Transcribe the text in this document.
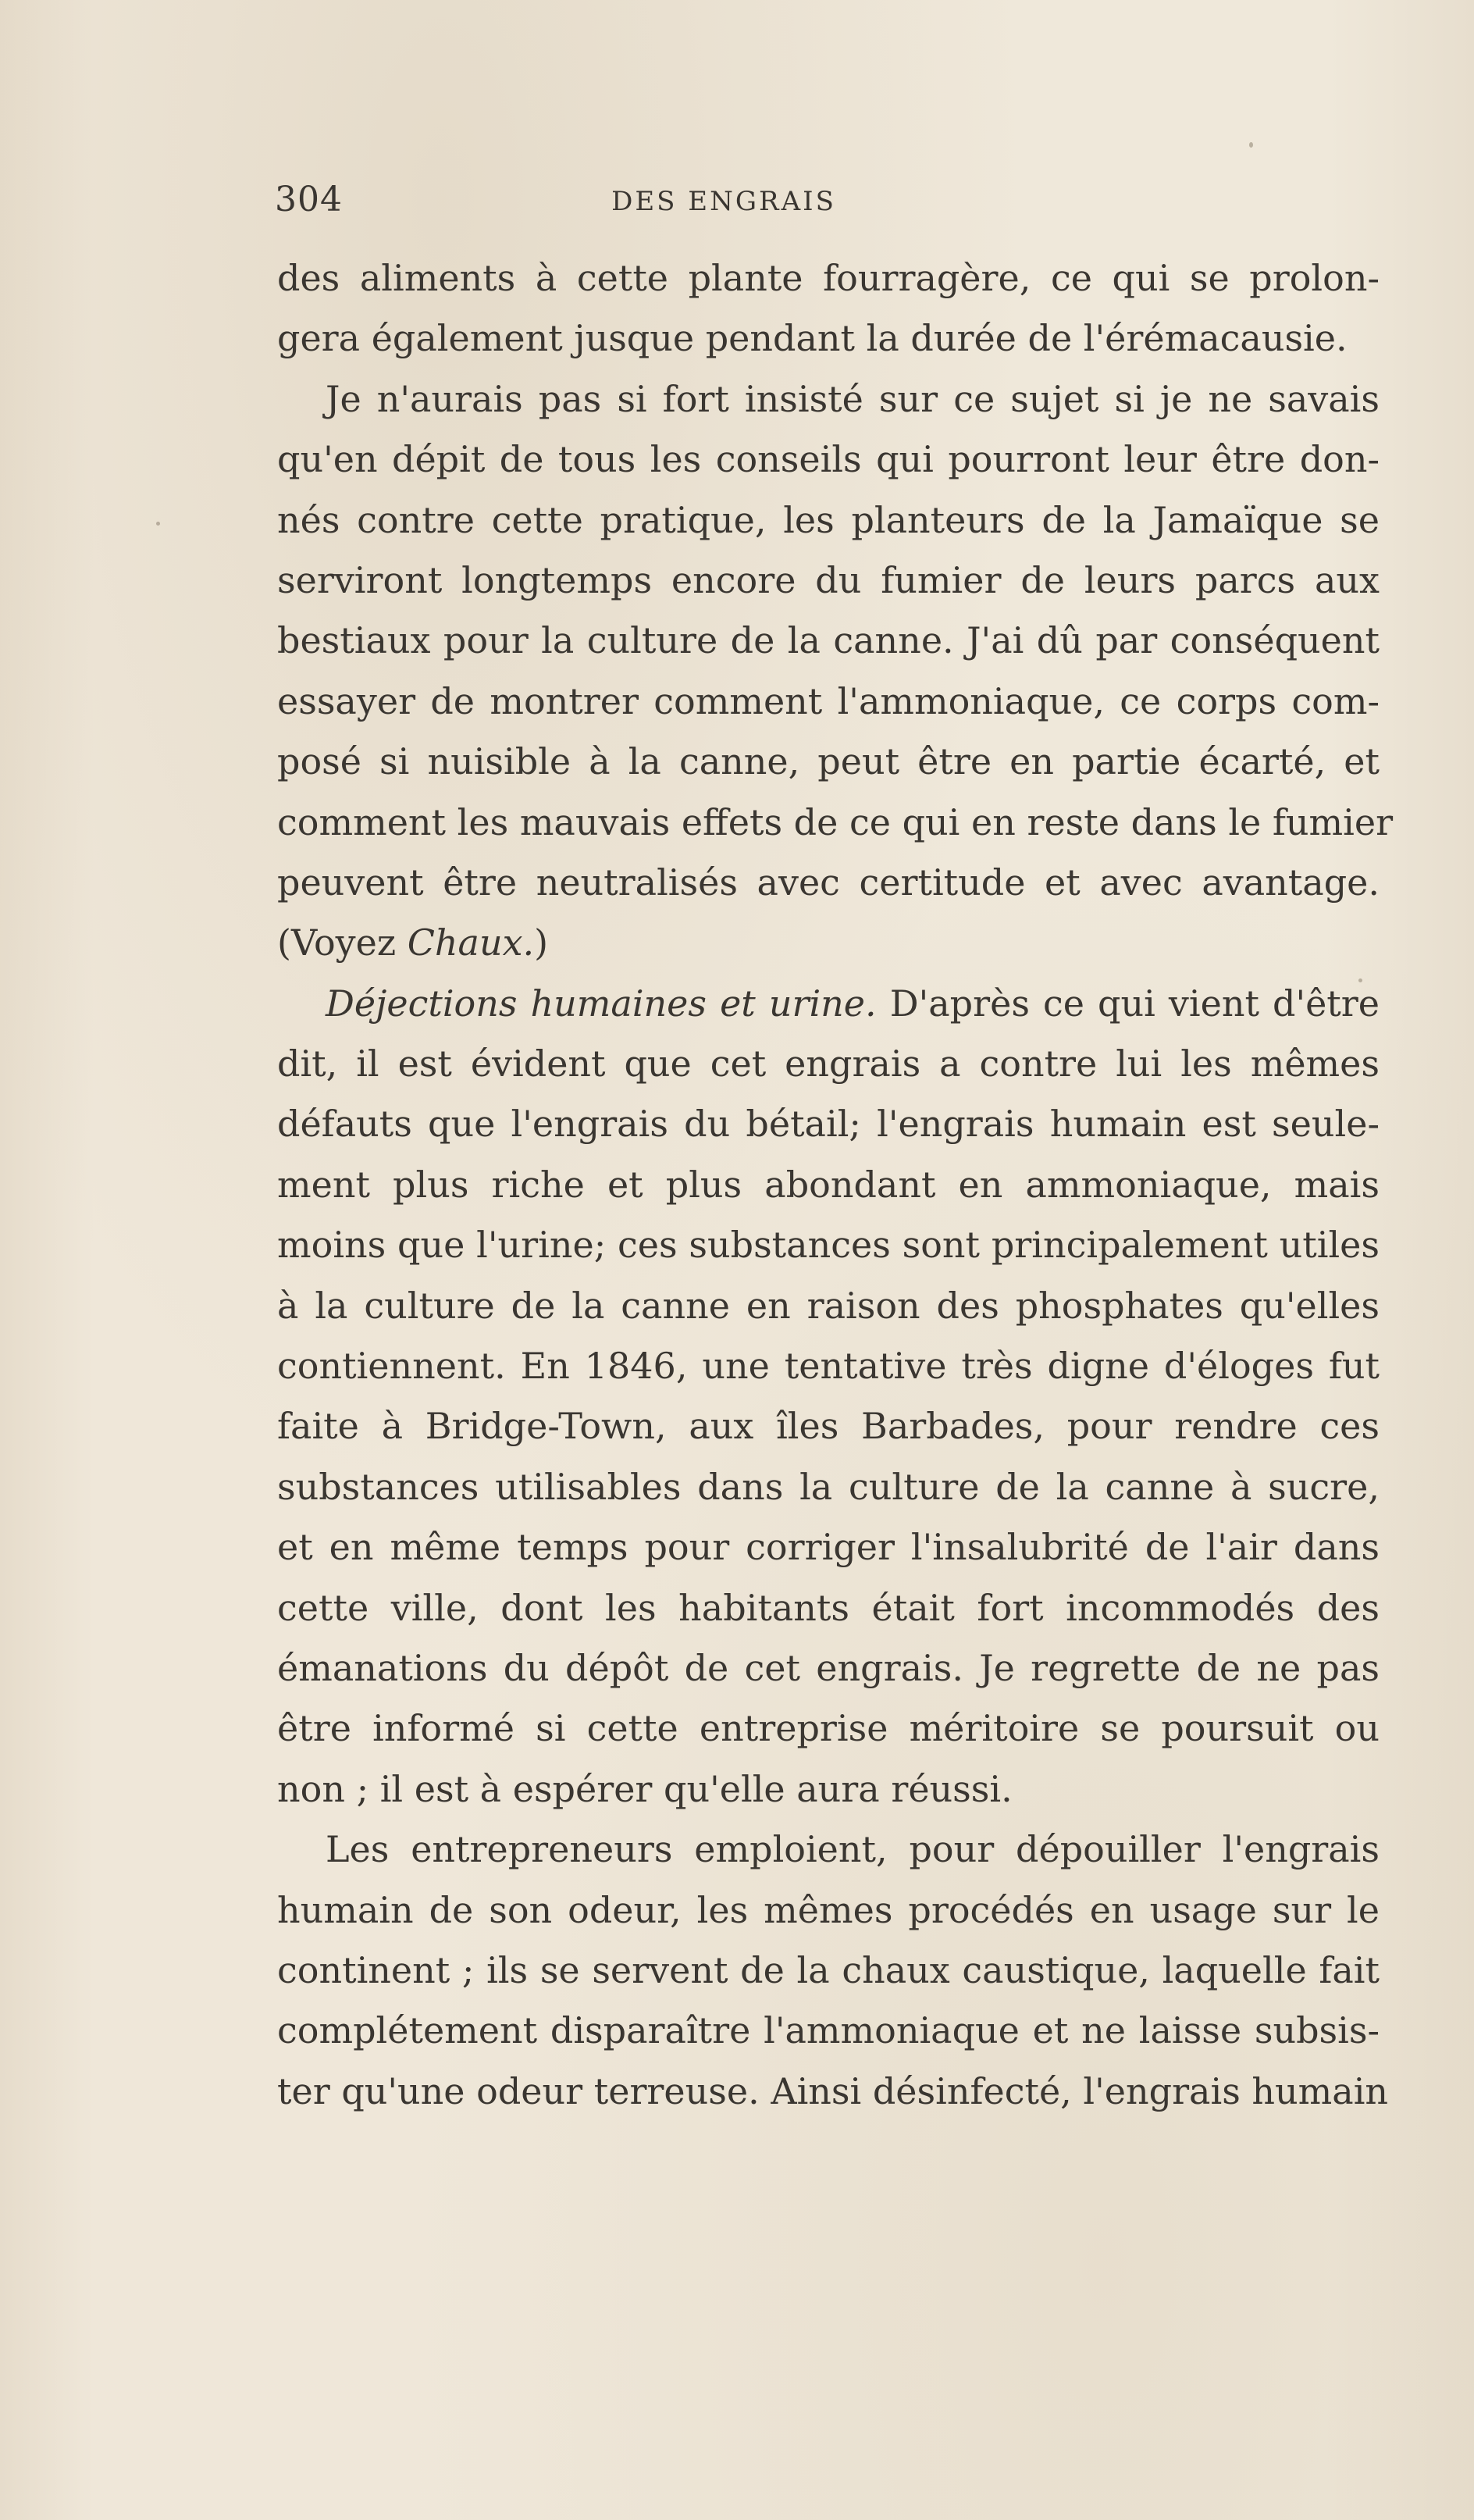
304	DES ENGRAIS
des aliments à cette plante fourragère, ce qui se prolon-
gera également jusque pendant la durée de l'érémacausie.
Je n'aurais pas si fort insisté sur ce sujet si je ne savais
qu'en dépit de tous les conseils qui pourront leur être don-
nés contre cette pratique, les planteurs de la Jamaïque se
serviront longtemps encore du fumier de leurs parcs aux
bestiaux pour la culture de la canne. J'ai dû par conséquent
essayer de montrer comment l'ammoniaque, ce corps com-
posé si nuisible à la canne, peut être en partie écarté, et
comment les mauvais effets de ce qui en reste dans le fumier
peuvent être neutralisés avec certitude et avec avantage.
(Voyez Chaux.)
Déjections humaines et urine. D'après ce qui vient d'être
dit, il est évident que cet engrais a contre lui les mêmes
défauts que l'engrais du bétail; l'engrais humain est seule-
ment plus riche et plus abondant en ammoniaque, mais
moins que l'urine; ces substances sont principalement utiles
à la culture de la canne en raison des phosphates qu'elles
contiennent. En 1846, une tentative très digne d'éloges fut
faite à Bridge-Town, aux îles Barbades, pour rendre ces
substances utilisables dans la culture de la canne à sucre,
et en même temps pour corriger l'insalubrité de l'air dans
cette ville, dont les habitants était fort incommodés des
émanations du dépôt de cet engrais. Je regrette de ne pas
être informé si cette entreprise méritoire se poursuit ou
non ; il est à espérer qu'elle aura réussi.
Les entrepreneurs emploient, pour dépouiller l'engrais
humain de son odeur, les mêmes procédés en usage sur le
continent ; ils se servent de la chaux caustique, laquelle fait
complétement disparaître l'ammoniaque et ne laisse subsis-
ter qu'une odeur terreuse. Ainsi désinfecté, l'engrais humain
